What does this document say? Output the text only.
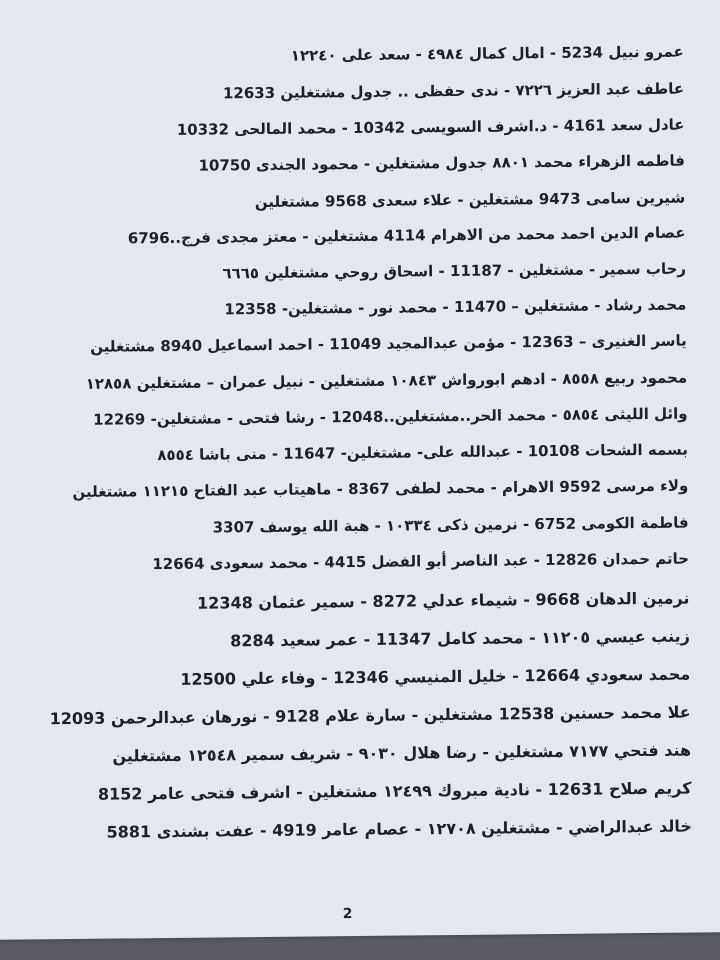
عمرو نبيل 5234 - امال كمال ٤٩٨٤ - سعد على ١٢٢٤٠
عاطف عبد العزيز ٧٢٢٦ - ندى حفظى .. جدول مشتغلين 12633
عادل سعد 4161 - د.اشرف السويسى 10342 - محمد المالحى 10332
فاطمه الزهراء محمد ٨٨٠١ جدول مشتغلين - محمود الجندى 10750
شيرين سامى 9473 مشتغلين - علاء سعدى 9568 مشتغلين
عصام الدين احمد محمد من الاهرام 4114 مشتغلين - معتز مجدى فرج..6796
رحاب سمير - مشتغلين - 11187 - اسحاق روحي مشتغلين ٦٦٦٥
محمد رشاد - مشتغلين – 11470 - محمد نور - مشتغلين- 12358
ياسر الغنيرى – 12363 - مؤمن عبدالمجيد 11049 - احمد اسماعيل 8940 مشتغلين
محمود ربيع ٨٥٥٨ - ادهم ابورواش ١٠٨٤٣ مشتغلين - نبيل عمران – مشتغلين ١٢٨٥٨
وائل الليثى ٥٨٥٤ - محمد الحر..مشتغلين..12048 - رشا فتحى - مشتغلين- 12269
بسمه الشحات 10108 - عبدالله على- مشتغلين- 11647 - منى باشا ٨٥٥٤
ولاء مرسى 9592 الاهرام - محمد لطفى 8367 - ماهيتاب عبد الفتاح ١١٢١٥ مشتغلين
فاطمة الكومى 6752 - نرمين ذكى ١٠٣٣٤ - هبة الله يوسف 3307
حاتم حمدان 12826 - عبد الناصر أبو الفضل 4415 - محمد سعودى 12664
نرمين الدهان 9668 - شيماء عدلي 8272 - سمير عثمان 12348
زينب عيسي ١١٢٠٥ - محمد كامل 11347 - عمر سعيد 8284
محمد سعودي 12664 - خليل المنيسي 12346 - وفاء علي 12500
علا محمد حسنين 12538 مشتغلين - سارة علام 9128 - نورهان عبدالرحمن 12093
هند فتحي ٧١٧٧ مشتغلين - رضا هلال ٩٠٣٠ - شريف سمير ١٢٥٤٨ مشتغلين
كريم صلاح 12631 - نادية مبروك ١٢٤٩٩ مشتغلين - اشرف فتحى عامر 8152
خالد عبدالراضي - مشتغلين ١٢٧٠٨ - عصام عامر 4919 - عفت بشندى 5881
2
